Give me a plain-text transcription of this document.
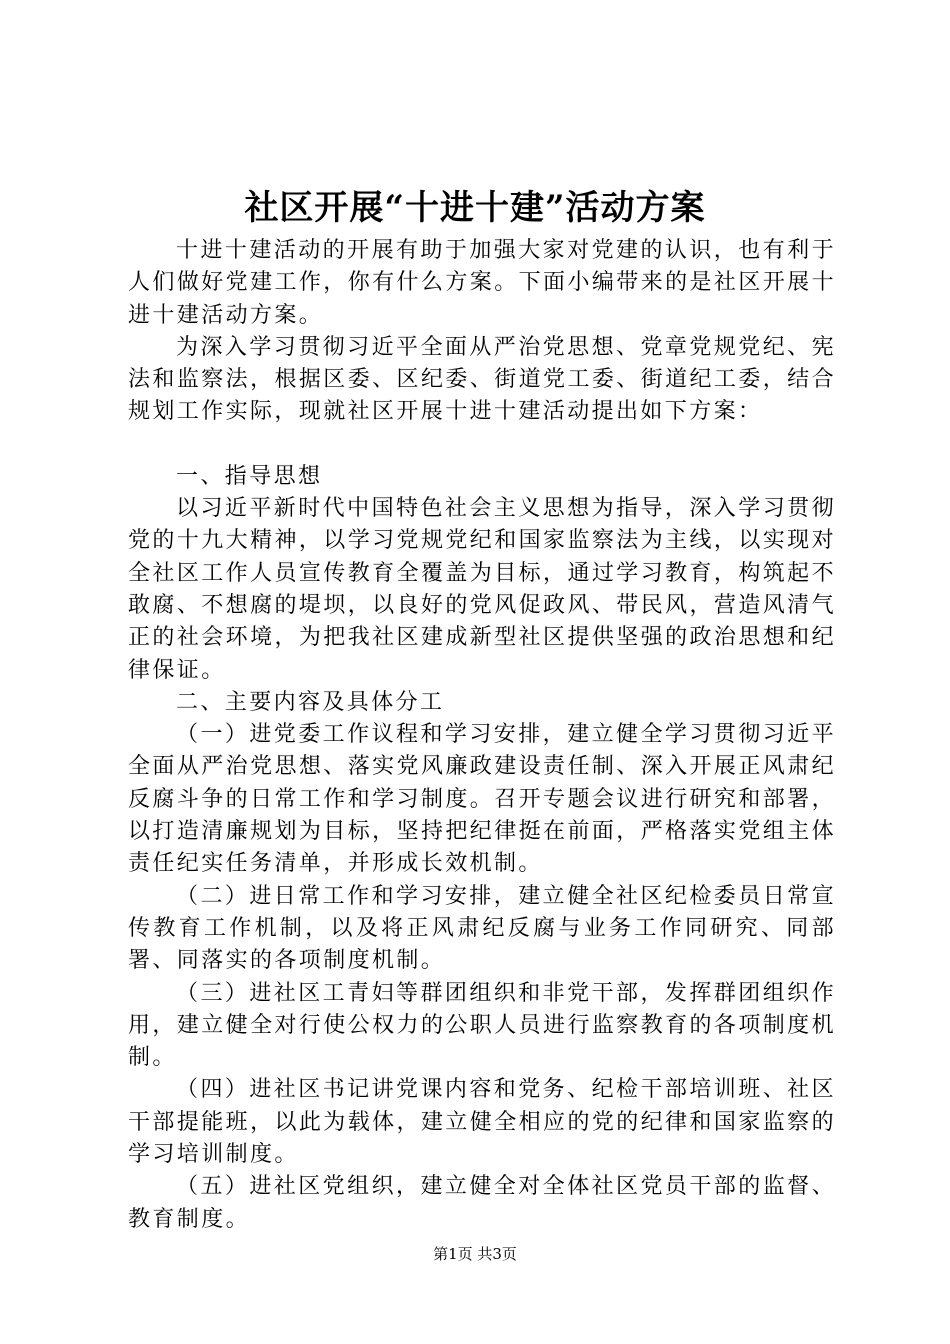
社区开展“十进十建”活动方案

十进十建活动的开展有助于加强大家对党建的认识，也有利于人们做好党建工作，你有什么方案。下面小编带来的是社区开展十进十建活动方案。

为深入学习贯彻习近平全面从严治党思想、党章党规党纪、宪法和监察法，根据区委、区纪委、街道党工委、街道纪工委，结合规划工作实际，现就社区开展十进十建活动提出如下方案：

一、指导思想

以习近平新时代中国特色社会主义思想为指导，深入学习贯彻党的十九大精神，以学习党规党纪和国家监察法为主线，以实现对全社区工作人员宣传教育全覆盖为目标，通过学习教育，构筑起不敢腐、不想腐的堤坝，以良好的党风促政风、带民风，营造风清气正的社会环境，为把我社区建成新型社区提供坚强的政治思想和纪律保证。

二、主要内容及具体分工

（一）进党委工作议程和学习安排，建立健全学习贯彻习近平全面从严治党思想、落实党风廉政建设责任制、深入开展正风肃纪反腐斗争的日常工作和学习制度。召开专题会议进行研究和部署，以打造清廉规划为目标，坚持把纪律挺在前面，严格落实党组主体责任纪实任务清单，并形成长效机制。

（二）进日常工作和学习安排，建立健全社区纪检委员日常宣传教育工作机制，以及将正风肃纪反腐与业务工作同研究、同部署、同落实的各项制度机制。

（三）进社区工青妇等群团组织和非党干部，发挥群团组织作用，建立健全对行使公权力的公职人员进行监察教育的各项制度机制。

（四）进社区书记讲党课内容和党务、纪检干部培训班、社区干部提能班，以此为载体，建立健全相应的党的纪律和国家监察的学习培训制度。

（五）进社区党组织，建立健全对全体社区党员干部的监督、教育制度。

第1页 共3页
